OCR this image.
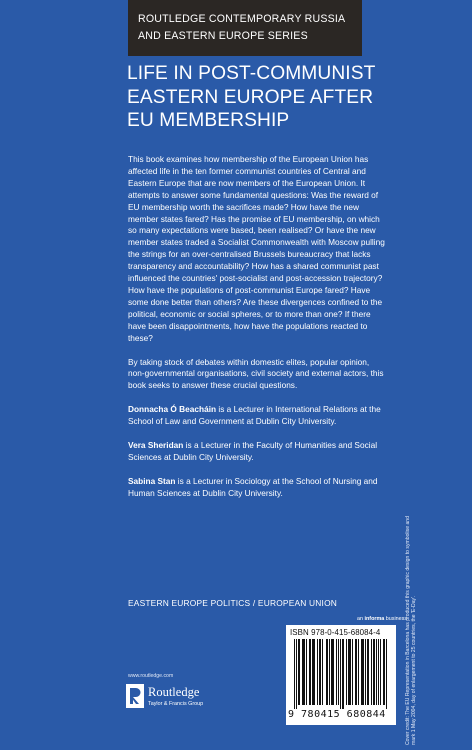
ROUTLEDGE CONTEMPORARY RUSSIA
AND EASTERN EUROPE SERIES
LIFE IN POST-COMMUNIST
EASTERN EUROPE AFTER
EU MEMBERSHIP

This book examines how membership of the European Union has affected life in the ten former communist countries of Central and Eastern Europe that are now members of the European Union. It attempts to answer some fundamental questions: Was the reward of EU membership worth the sacrifices made? How have the new member states fared? Has the promise of EU membership, on which so many expectations were based, been realised? Or have the new member states traded a Socialist Commonwealth with Moscow pulling the strings for an over-centralised Brussels bureaucracy that lacks transparency and accountability? How has a shared communist past influenced the countries' post-socialist and post-accession trajectory? How have the populations of post-communist Europe fared? Have some done better than others? Are these divergences confined to the political, economic or social spheres, or to more than one? If there have been disappointments, how have the populations reacted to these?

By taking stock of debates within domestic elites, popular opinion, non-governmental organisations, civil society and external actors, this book seeks to answer these crucial questions.

Donnacha Ó Beacháin is a Lecturer in International Relations at the School of Law and Government at Dublin City University.

Vera Sheridan is a Lecturer in the Faculty of Humanities and Social Sciences at Dublin City University.

Sabina Stan is a Lecturer in Sociology at the School of Nursing and Human Sciences at Dublin City University.

EASTERN EUROPE POLITICS / EUROPEAN UNION
an informa business
ISBN 978-0-415-68084-4
9 780415 680844
www.routledge.com
Routledge
Taylor & Francis Group	Cover credit: The EU Representation in Barcelona has produced this graphic design to symbolise and mark 1 May 2004, day of enlargement to 25 countries, the 'E-Day'.
